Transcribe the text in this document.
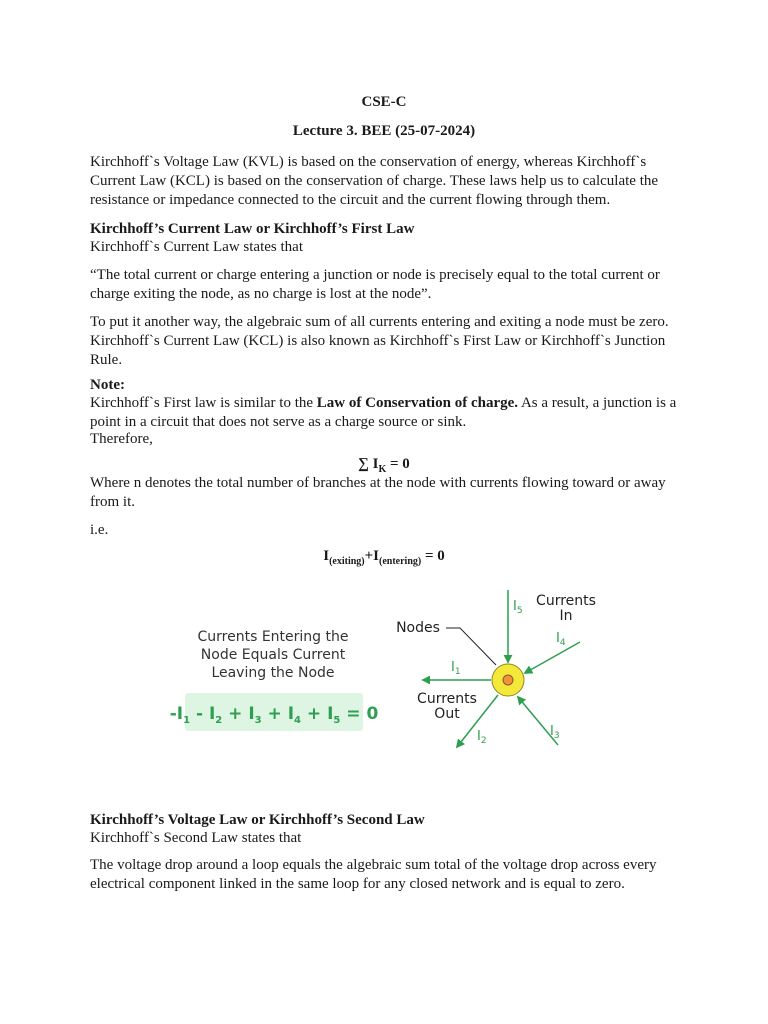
CSE-C
Lecture 3. BEE (25-07-2024)
Kirchhoff`s Voltage Law (KVL) is based on the conservation of energy, whereas Kirchhoff`s Current Law (KCL) is based on the conservation of charge. These laws help us to calculate the resistance or impedance connected to the circuit and the current flowing through them.
Kirchhoff’s Current Law or Kirchhoff’s First Law
Kirchhoff`s Current Law states that
“The total current or charge entering a junction or node is precisely equal to the total current or charge exiting the node, as no charge is lost at the node”.
To put it another way, the algebraic sum of all currents entering and exiting a node must be zero. Kirchhoff`s Current Law (KCL) is also known as Kirchhoff`s First Law or Kirchhoff`s Junction Rule.
Note:
Kirchhoff`s First law is similar to the Law of Conservation of charge. As a result, a junction is a point in a circuit that does not serve as a charge source or sink.
Therefore,
∑ $I_K = 0$
Where n denotes the total number of branches at the node with currents flowing toward or away from it.
i.e.
$I_{(exiting)}+I_{(entering)} = 0$
Currents Entering the
Node Equals Current
Leaving the Node
$-I_1 - I_2 + I_3 + I_4 + I_5 = 0$
Nodes
Currents
In
Currents
Out
$I_5$
$I_4$
$I_3$
$I_1$
$I_2$
Kirchhoff’s Voltage Law or Kirchhoff’s Second Law
Kirchhoff`s Second Law states that
The voltage drop around a loop equals the algebraic sum total of the voltage drop across every electrical component linked in the same loop for any closed network and is equal to zero.
